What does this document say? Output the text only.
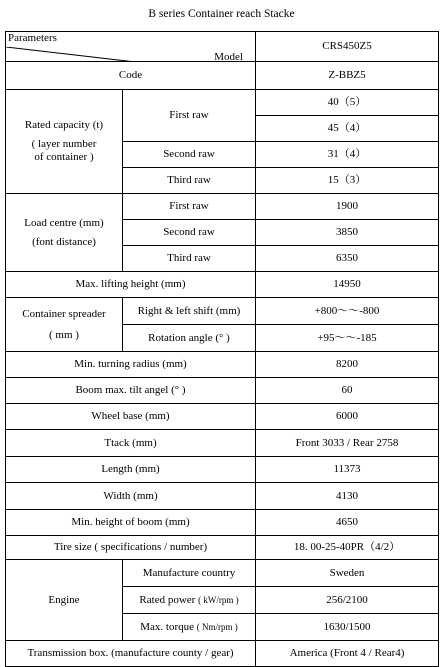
B series Container reach Stacke
Parameters
Model		CRS450Z5
Code		Z-BBZ5

Rated capacity (t)
( layer number
of container )	First raw	40（5）
		45（4）
	Second raw	31（4）
	Third raw	15（3）

Load centre (mm)
(font distance)	First raw	1900
	Second raw	3850
	Third raw	6350
Max. lifting height (mm)		14950

Container spreader
( mm )	Right & left shift (mm)	+800～～-800
	Rotation angle (° )	+95～～-185
Min. turning radius (mm)		8200
Boom max. tilt angel (° )		60
Wheel base (mm)		6000
Ttack (mm)		Front 3033 / Rear 2758
Length (mm)		11373
Width (mm)		4130
Min. height of boom (mm)		4650
Tire size ( specifications / number)		18. 00-25-40PR（4/2）
Engine	Manufacture country	Sweden
	Rated power ( kW/rpm )	256/2100
	Max. torque ( Nm/rpm )	1630/1500
Transmission box. (manufacture county / gear)		America (Front 4 / Rear4)
